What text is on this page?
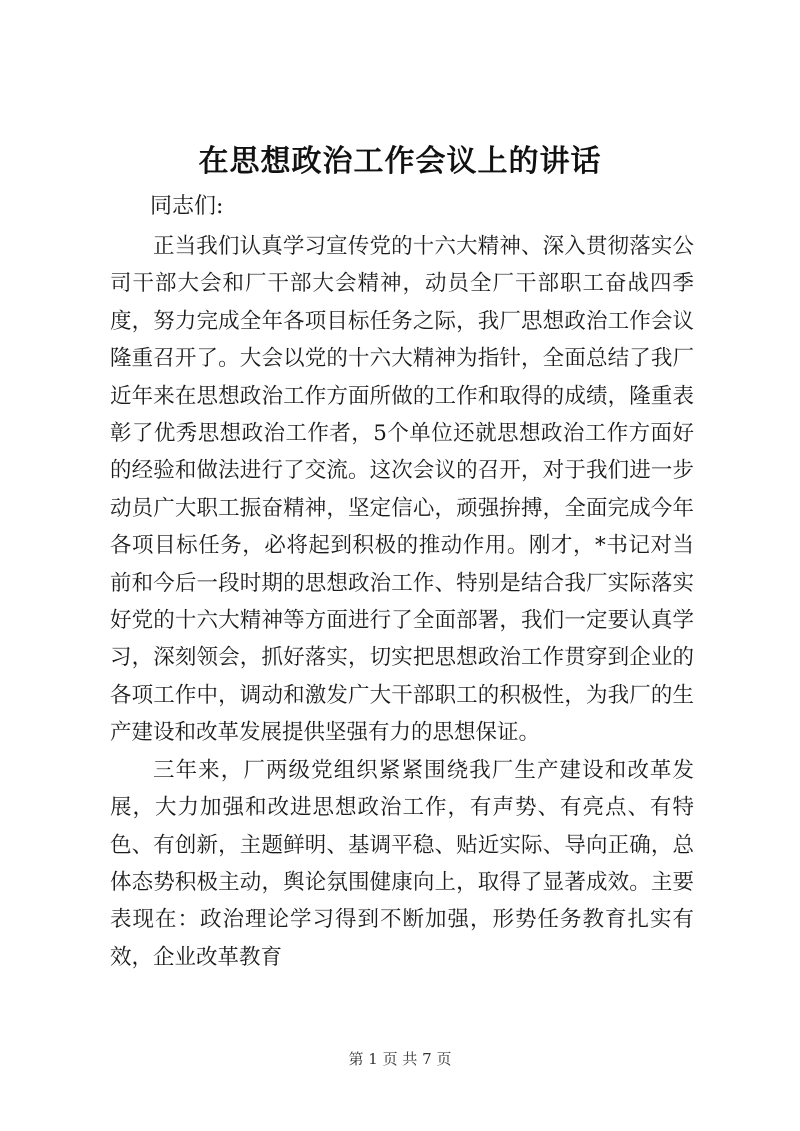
在思想政治工作会议上的讲话
同志们:

正当我们认真学习宣传党的十六大精神、深入贯彻落实公司干部大会和厂干部大会精神，动员全厂干部职工奋战四季度，努力完成全年各项目标任务之际，我厂思想政治工作会议隆重召开了。大会以党的十六大精神为指针，全面总结了我厂近年来在思想政治工作方面所做的工作和取得的成绩，隆重表彰了优秀思想政治工作者，5个单位还就思想政治工作方面好的经验和做法进行了交流。这次会议的召开，对于我们进一步动员广大职工振奋精神，坚定信心，顽强拚搏，全面完成今年各项目标任务，必将起到积极的推动作用。刚才，*书记对当前和今后一段时期的思想政治工作、特别是结合我厂实际落实好党的十六大精神等方面进行了全面部署，我们一定要认真学习，深刻领会，抓好落实，切实把思想政治工作贯穿到企业的各项工作中，调动和激发广大干部职工的积极性，为我厂的生产建设和改革发展提供坚强有力的思想保证。

三年来，厂两级党组织紧紧围绕我厂生产建设和改革发展，大力加强和改进思想政治工作，有声势、有亮点、有特色、有创新，主题鲜明、基调平稳、贴近实际、导向正确，总体态势积极主动，舆论氛围健康向上，取得了显著成效。主要表现在：政治理论学习得到不断加强，形势任务教育扎实有效，企业改革教育

第 1 页 共 7 页
